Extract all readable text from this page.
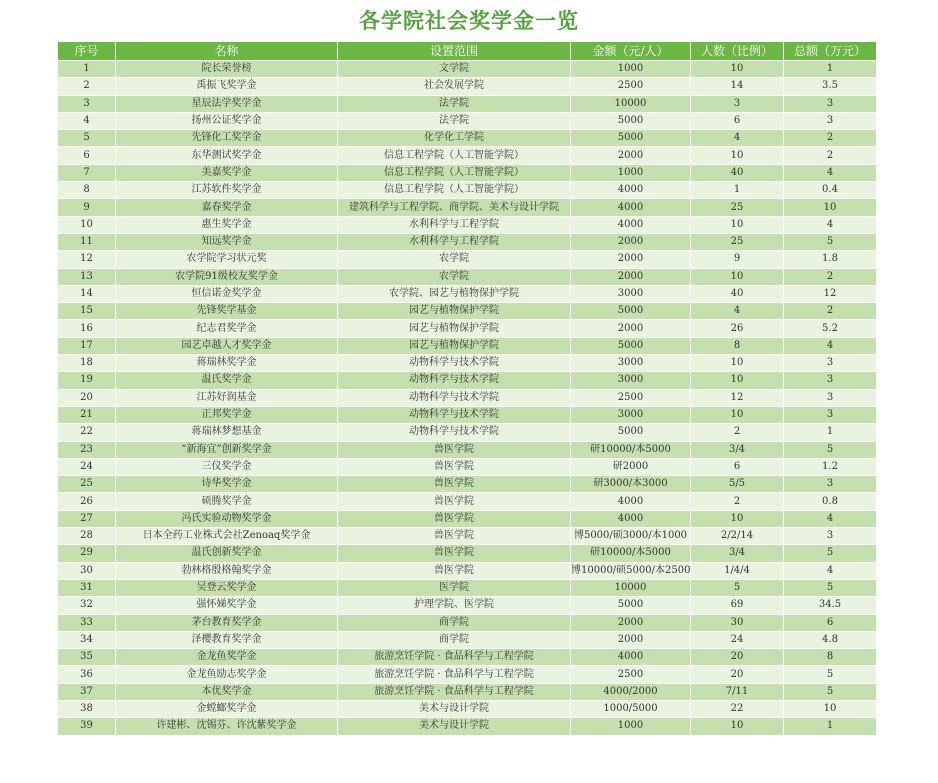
各学院社会奖学金一览
序号	名称	设置范围	金额（元/人）	人数（比例）	总额（万元）
1	院长荣誉榜	文学院	1000	10	1
2	禹振飞奖学金	社会发展学院	2500	14	3.5
3	星辰法学奖学金	法学院	10000	3	3
4	扬州公证奖学金	法学院	5000	6	3
5	先锋化工奖学金	化学化工学院	5000	4	2
6	东华测试奖学金	信息工程学院（人工智能学院）	2000	10	2
7	美嘉奖学金	信息工程学院（人工智能学院）	1000	40	4
8	江苏软件奖学金	信息工程学院（人工智能学院）	4000	1	0.4
9	嘉春奖学金	建筑科学与工程学院、商学院、美术与设计学院	4000	25	10
10	惠生奖学金	水利科学与工程学院	4000	10	4
11	知远奖学金	水利科学与工程学院	2000	25	5
12	农学院学习状元奖	农学院	2000	9	1.8
13	农学院91级校友奖学金	农学院	2000	10	2
14	恒信诺金奖学金	农学院、园艺与植物保护学院	3000	40	12
15	先锋奖学基金	园艺与植物保护学院	5000	4	2
16	纪志君奖学金	园艺与植物保护学院	2000	26	5.2
17	园艺卓越人才奖学金	园艺与植物保护学院	5000	8	4
18	蒋瑞林奖学金	动物科学与技术学院	3000	10	3
19	温氏奖学金	动物科学与技术学院	3000	10	3
20	江苏好润基金	动物科学与技术学院	2500	12	3
21	正邦奖学金	动物科学与技术学院	3000	10	3
22	蒋瑞林梦想基金	动物科学与技术学院	5000	2	1
23	“新海宜”创新奖学金	兽医学院	研10000/本5000	3/4	5
24	三仪奖学金	兽医学院	研2000	6	1.2
25	诗华奖学金	兽医学院	研3000/本3000	5/5	3
26	硕腾奖学金	兽医学院	4000	2	0.8
27	冯氏实验动物奖学金	兽医学院	4000	10	4
28	日本全药工业株式会社Zenoaq奖学金	兽医学院	博5000/硕3000/本1000	2/2/14	3
29	温氏创新奖学金	兽医学院	研10000/本5000	3/4	5
30	勃林格殷格翰奖学金	兽医学院	博10000/硕5000/本2500	1/4/4	4
31	吴登云奖学金	医学院	10000	5	5
32	强怀娣奖学金	护理学院、医学院	5000	69	34.5
33	茅台教育奖学金	商学院	2000	30	6
34	泽樱教育奖学金	商学院	2000	24	4.8
35	金龙鱼奖学金	旅游烹饪学院 · 食品科学与工程学院	4000	20	8
36	金龙鱼励志奖学金	旅游烹饪学院 · 食品科学与工程学院	2500	20	5
37	本优奖学金	旅游烹饪学院 · 食品科学与工程学院	4000/2000	7/11	5
38	金螳螂奖学金	美术与设计学院	1000/5000	22	10
39	许建彬、沈锡芬、许沈紫奖学金	美术与设计学院	1000	10	1
